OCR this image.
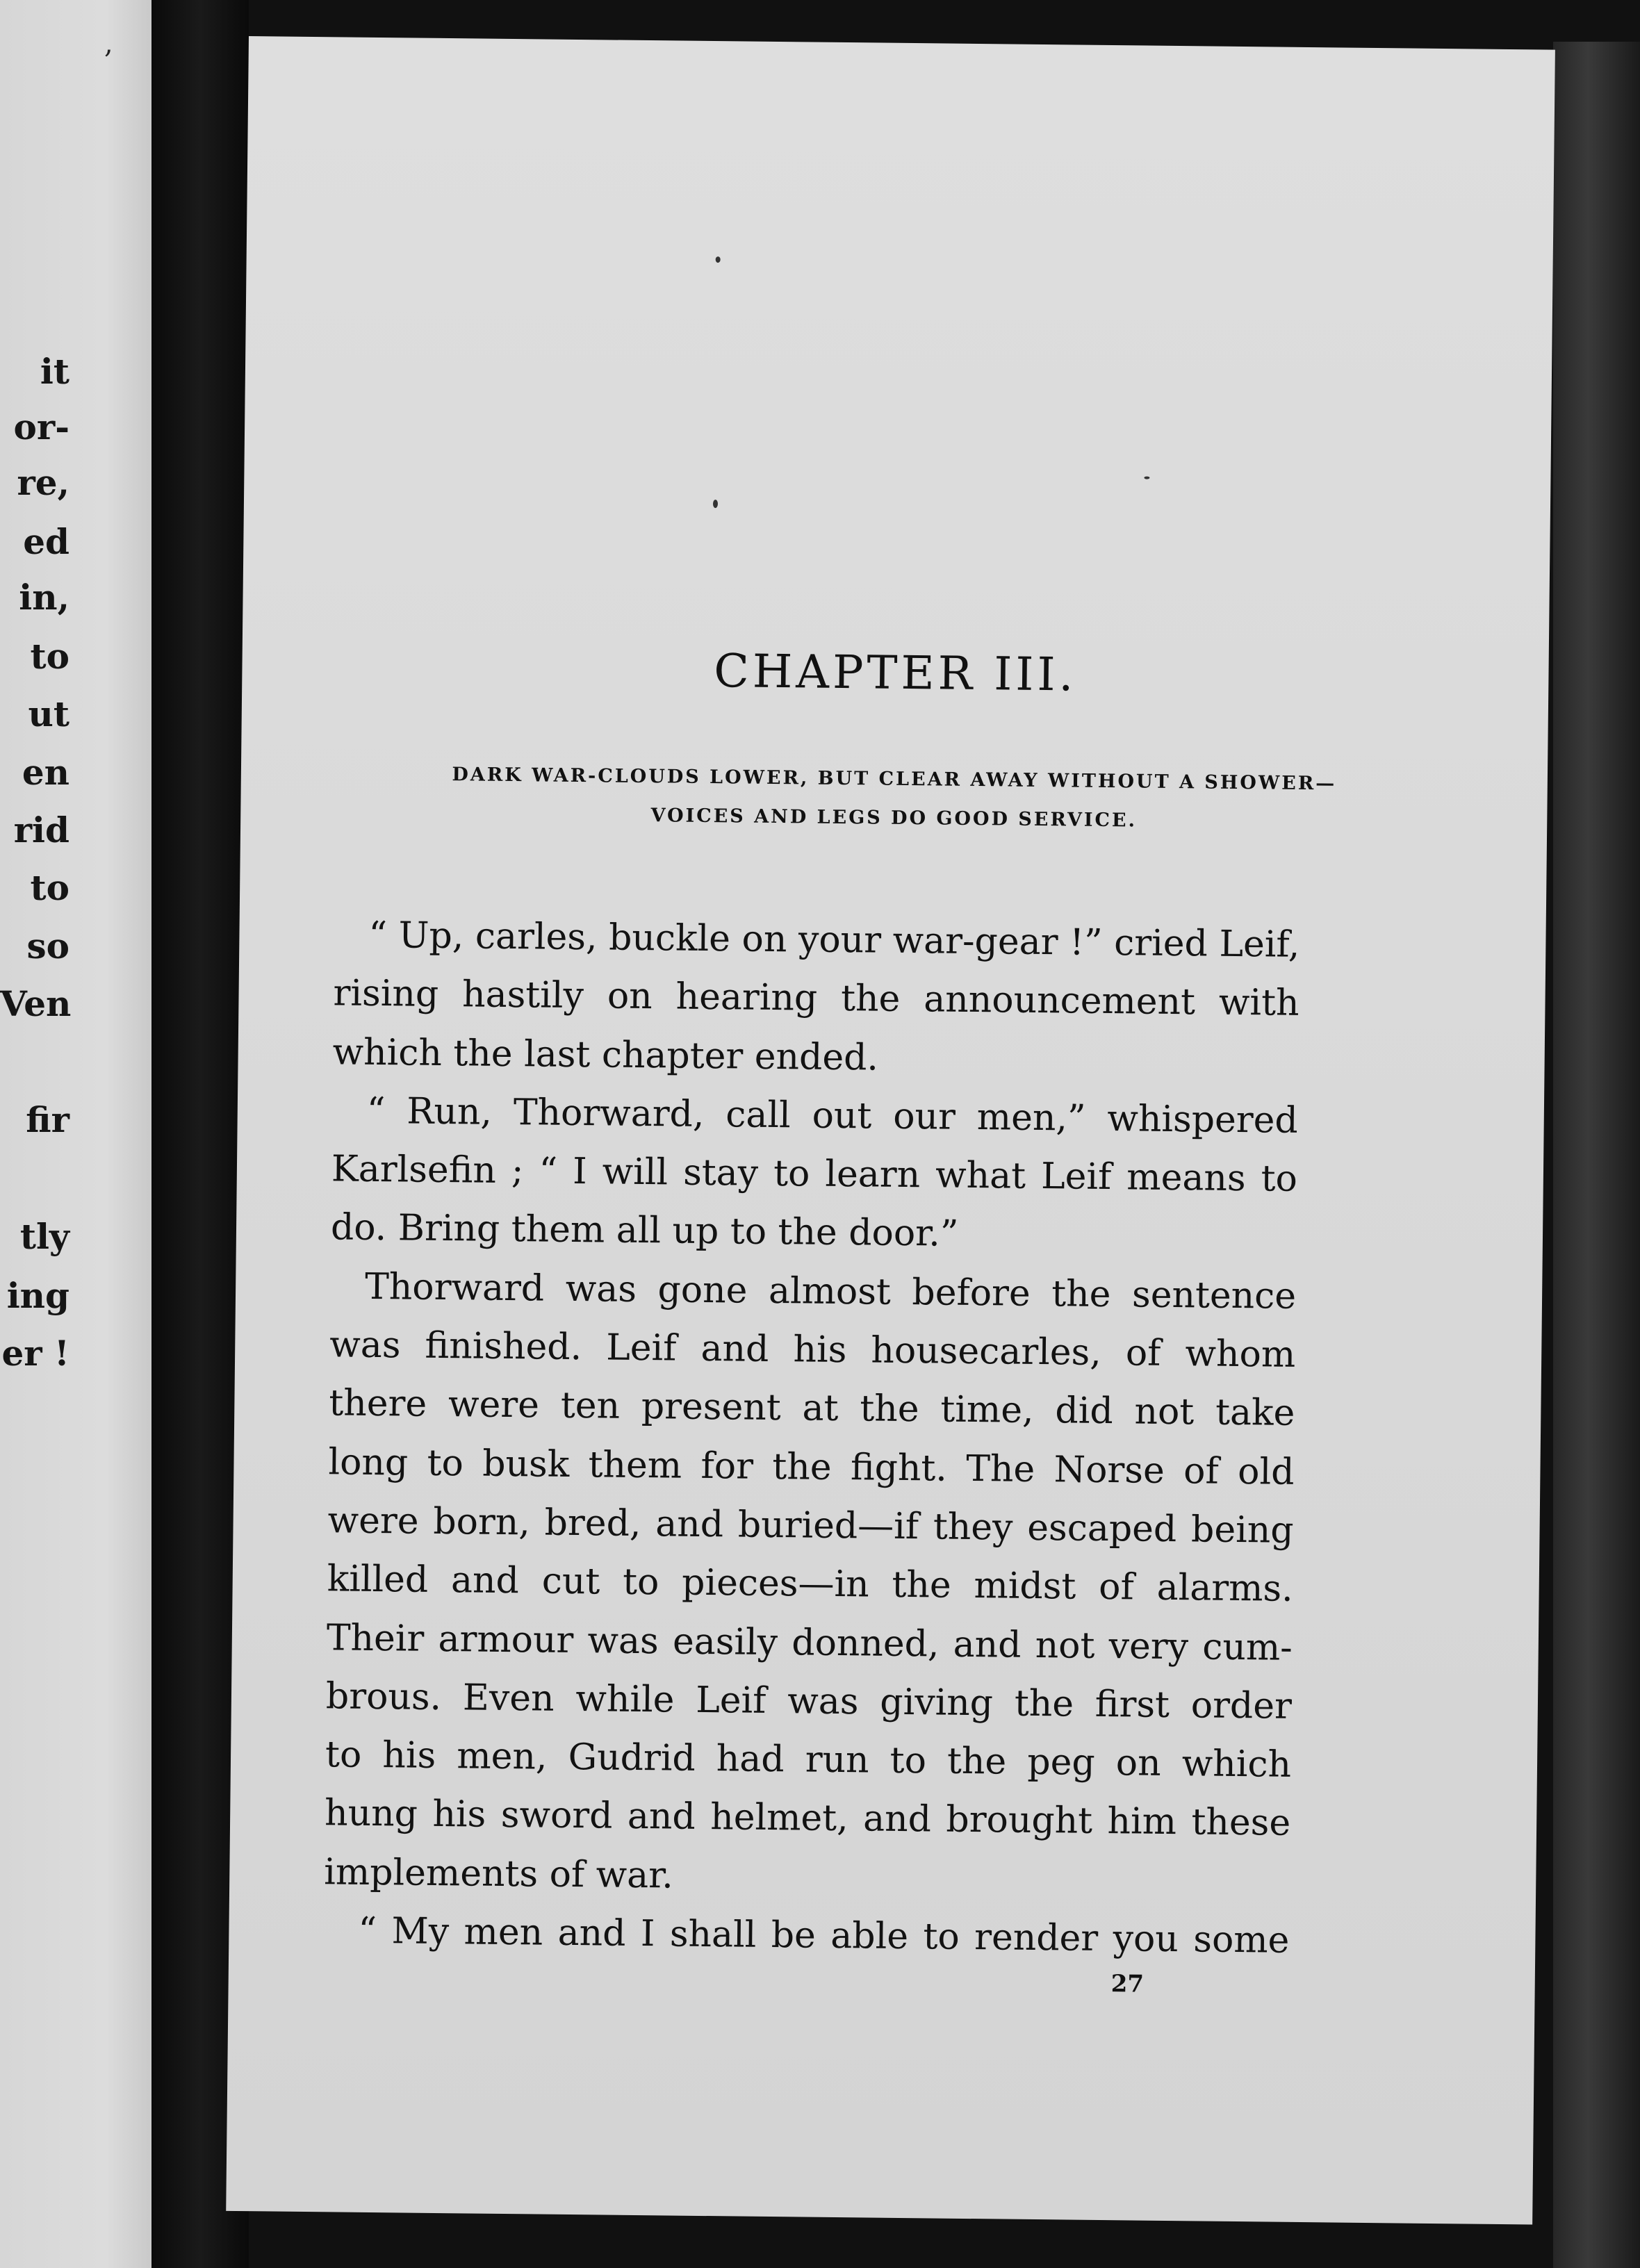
,
it
or-
re,
ed
in,
to
ut
en
rid
to
so
Ven
fir
tly
ing
er !
CHAPTER III.
DARK WAR-CLOUDS LOWER, BUT CLEAR AWAY WITHOUT A SHOWER—
VOICES AND LEGS DO GOOD SERVICE.
“ Up, carles, buckle on your war-gear !” cried Leif,
rising hastily on hearing the announcement with
which the last chapter ended.
“ Run, Thorward, call out our men,” whispered
Karlsefin ; “ I will stay to learn what Leif means to
do. Bring them all up to the door.”
Thorward was gone almost before the sentence
was finished. Leif and his housecarles, of whom
there were ten present at the time, did not take
long to busk them for the fight. The Norse of old
were born, bred, and buried—if they escaped being
killed and cut to pieces—in the midst of alarms.
Their armour was easily donned, and not very cum-
brous. Even while Leif was giving the first order
to his men, Gudrid had run to the peg on which
hung his sword and helmet, and brought him these
implements of war.
“ My men and I shall be able to render you some
27
